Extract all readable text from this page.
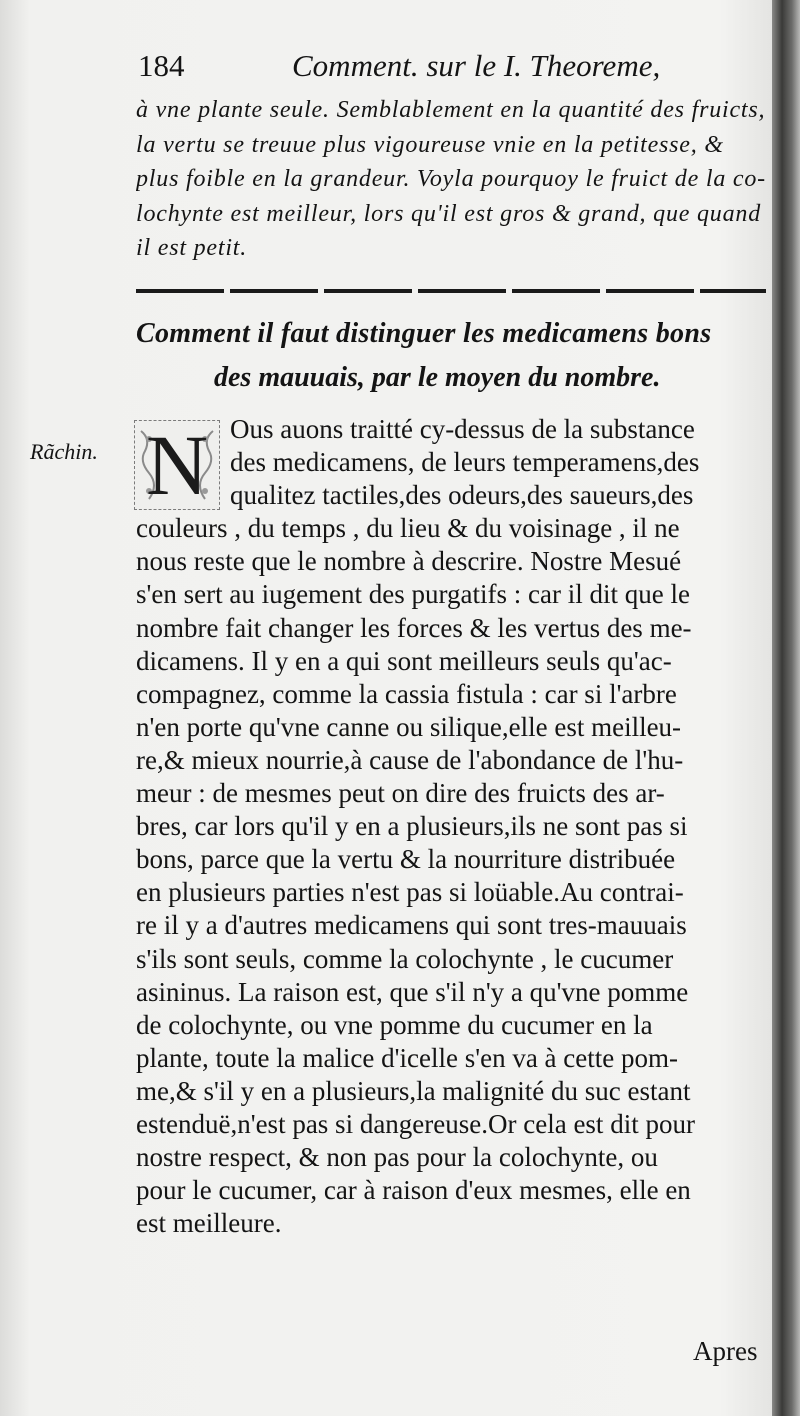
184	Comment. sur le I. Theoreme,
à vne plante seule. Semblablement en la quantité des fruicts,
la vertu se treuue plus vigoureuse vnie en la petitesse, &
plus foible en la grandeur. Voyla pourquoy le fruict de la co-
lochynte est meilleur, lors qu'il est gros & grand, que quand
il est petit.
Comment il faut distinguer les medicamens bons
des mauuais, par le moyen du nombre.
Rãchin. N Ous auons traitté cy-dessus de la substance
des medicamens, de leurs temperamens,des
qualitez tactiles,des odeurs,des saueurs,des
couleurs , du temps , du lieu & du voisinage , il ne
nous reste que le nombre à descrire. Nostre Mesué
s'en sert au iugement des purgatifs : car il dit que le
nombre fait changer les forces & les vertus des me-
dicamens. Il y en a qui sont meilleurs seuls qu'ac-
compagnez, comme la cassia fistula : car si l'arbre
n'en porte qu'vne canne ou silique,elle est meilleu-
re,& mieux nourrie,à cause de l'abondance de l'hu-
meur : de mesmes peut on dire des fruicts des ar-
bres, car lors qu'il y en a plusieurs,ils ne sont pas si
bons, parce que la vertu & la nourriture distribuée
en plusieurs parties n'est pas si loüable.Au contrai-
re il y a d'autres medicamens qui sont tres-mauuais
s'ils sont seuls, comme la colochynte , le cucumer
asininus. La raison est, que s'il n'y a qu'vne pomme
de colochynte, ou vne pomme du cucumer en la
plante, toute la malice d'icelle s'en va à cette pom-
me,& s'il y en a plusieurs,la malignité du suc estant
estenduë,n'est pas si dangereuse.Or cela est dit pour
nostre respect, & non pas pour la colochynte, ou
pour le cucumer, car à raison d'eux mesmes, elle en
est meilleure.
Apres
